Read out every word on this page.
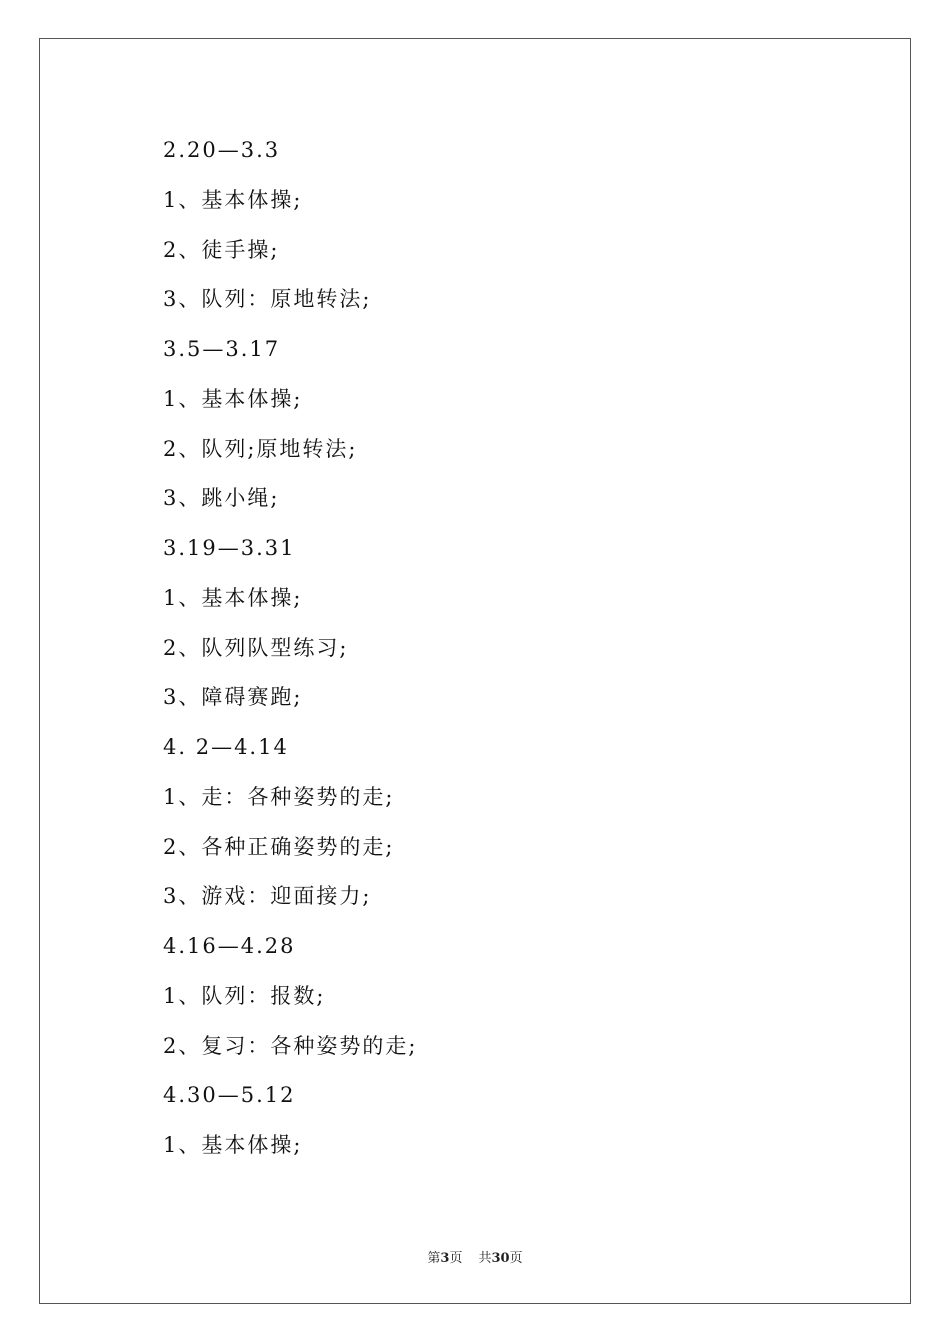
2.20—3.3
1、基本体操;
2、徒手操;
3、队列：原地转法;
3.5—3.17
1、基本体操;
2、队列;原地转法;
3、跳小绳;
3.19—3.31
1、基本体操;
2、队列队型练习;
3、障碍赛跑;
4. 2—4.14
1、走：各种姿势的走;
2、各种正确姿势的走;
3、游戏：迎面接力;
4.16—4.28
1、队列：报数;
2、复习：各种姿势的走;
4.30—5.12
1、基本体操;
第3页 共30页
